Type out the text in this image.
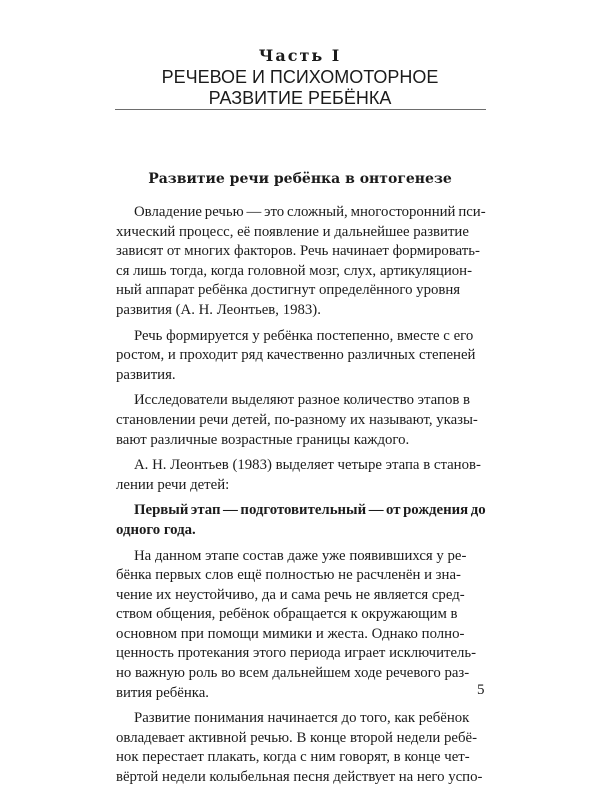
Часть I
РЕЧЕВОЕ И ПСИХОМОТОРНОЕ
РАЗВИТИЕ РЕБЁНКА
Развитие речи ребёнка в онтогенезе

Овладение речью — это сложный, многосторонний пси-
хический процесс, её появление и дальнейшее развитие
зависят от многих факторов. Речь начинает формировать-
ся лишь тогда, когда головной мозг, слух, артикуляцион-
ный аппарат ребёнка достигнут определённого уровня
развития (А. Н. Леонтьев, 1983).

Речь формируется у ребёнка постепенно, вместе с его
ростом, и проходит ряд качественно различных степеней
развития.

Исследователи выделяют разное количество этапов в
становлении речи детей, по-разному их называют, указы-
вают различные возрастные границы каждого.

А. Н. Леонтьев (1983) выделяет четыре этапа в станов-
лении речи детей:

Первый этап — подготовительный — от рождения до
одного года.

На данном этапе состав даже уже появившихся у ре-
бёнка первых слов ещё полностью не расчленён и зна-
чение их неустойчиво, да и сама речь не является сред-
ством общения, ребёнок обращается к окружающим в
основном при помощи мимики и жеста. Однако полно-
ценность протекания этого периода играет исключитель-
но важную роль во всем дальнейшем ходе речевого раз-
вития ребёнка.

Развитие понимания начинается до того, как ребёнок
овладевает активной речью. В конце второй недели ребё-
нок перестает плакать, когда с ним говорят, в конце чет-
вёртой недели колыбельная песня действует на него успо-

5
